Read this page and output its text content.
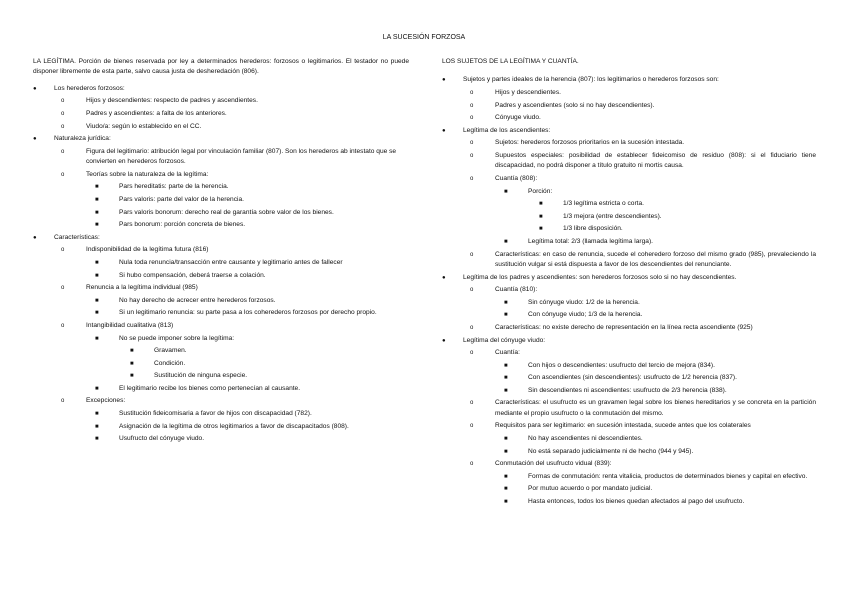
LA SUCESIÓN FORZOSA

LA LEGÍTIMA. Porción de bienes reservada por ley a determinados herederos: forzosos o legitimarios. El testador no puede disponer libremente de esta parte, salvo causa justa de desheredación (806).

●	Los herederos forzosos:
o	Hijos y descendientes: respecto de padres y ascendientes.
o	Padres y ascendientes: a falta de los anteriores.
o	Viudo/a: según lo establecido en el CC.
●	Naturaleza jurídica:
o	Figura del legitimario: atribución legal por vinculación familiar (807). Son los herederos ab intestato que se convierten en herederos forzosos.
o	Teorías sobre la naturaleza de la legítima:
■	Pars hereditatis: parte de la herencia.
■	Pars valoris: parte del valor de la herencia.
■	Pars valoris bonorum: derecho real de garantía sobre valor de los bienes.
■	Pars bonorum: porción concreta de bienes.
●	Características:
o	Indisponibilidad de la legítima futura (816)
■	Nula toda renuncia/transacción entre causante y legitimario antes de fallecer
■	Si hubo compensación, deberá traerse a colación.
o	Renuncia a la legítima individual (985)
■	No hay derecho de acrecer entre herederos forzosos.
■	Si un legitimario renuncia: su parte pasa a los coherederos forzosos por derecho propio.
o	Intangibilidad cualitativa (813)
■	No se puede imponer sobre la legítima:
■	Gravamen.
■	Condición.
■	Sustitución de ninguna especie.
■	El legitimario recibe los bienes como pertenecían al causante.
o	Excepciones:
■	Sustitución fideicomisaria a favor de hijos con discapacidad (782).
■	Asignación de la legítima de otros legitimarios a favor de discapacitados (808).
■	Usufructo del cónyuge viudo.

LOS SUJETOS DE LA LEGÍTIMA Y CUANTÍA.

●	Sujetos y partes ideales de la herencia (807): los legitimarios o herederos forzosos son:
o	Hijos y descendientes.
o	Padres y ascendientes (solo si no hay descendientes).
o	Cónyuge viudo.
●	Legítima de los ascendientes:
o	Sujetos: herederos forzosos prioritarios en la sucesión intestada.
o	Supuestos especiales: posibilidad de establecer fideicomiso de residuo (808): si el fiduciario tiene discapacidad, no podrá disponer a título gratuito ni mortis causa.
o	Cuantía (808):
■	Porción:
■	1/3 legítima estricta o corta.
■	1/3 mejora (entre descendientes).
■	1/3 libre disposición.
■	Legítima total: 2/3 (llamada legítima larga).
o	Características: en caso de renuncia, sucede el coheredero forzoso del mismo grado (985), prevaleciendo la sustitución vulgar si está dispuesta a favor de los descendientes del renunciante.
●	Legítima de los padres y ascendientes: son herederos forzosos solo si no hay descendientes.
o	Cuantía (810):
■	Sin cónyuge viudo: 1/2 de la herencia.
■	Con cónyuge viudo; 1/3 de la herencia.
o	Características: no existe derecho de representación en la línea recta ascendiente (925)
●	Legítima del cónyuge viudo:
o	Cuantía:
■	Con hijos o descendientes: usufructo del tercio de mejora (834).
■	Con ascendientes (sin descendientes): usufructo de 1/2 herencia (837).
■	Sin descendientes ni ascendientes: usufructo de 2/3 herencia (838).
o	Características: el usufructo es un gravamen legal sobre los bienes hereditarios y se concreta en la partición mediante el propio usufructo o la conmutación del mismo.
o	Requisitos para ser legitimario: en sucesión intestada, sucede antes que los colaterales
■	No hay ascendientes ni descendientes.
■	No está separado judicialmente ni de hecho (944 y 945).
o	Conmutación del usufructo vidual (839):
■	Formas de conmutación: renta vitalicia, productos de determinados bienes y capital en efectivo.
■	Por mutuo acuerdo o por mandato judicial.
■	Hasta entonces, todos los bienes quedan afectados al pago del usufructo.
